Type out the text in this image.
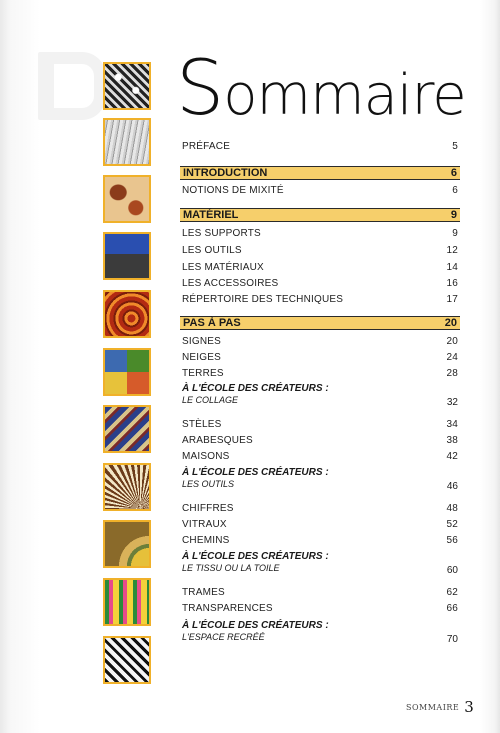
Sommaire
PRÉFACE	5
INTRODUCTION	6
NOTIONS DE MIXITÉ	6
MATÉRIEL	9
LES SUPPORTS	9
LES OUTILS	12
LES MATÉRIAUX	14
LES ACCESSOIRES	16
RÉPERTOIRE DES TECHNIQUES	17
PAS À PAS	20
SIGNES	20
NEIGES	24
TERRES	28
À L'ÉCOLE DES CRÉATEURS :
LE COLLAGE	32
STÈLES	34
ARABESQUES	38
MAISONS	42
À L'ÉCOLE DES CRÉATEURS :
LES OUTILS	46
CHIFFRES	48
VITRAUX	52
CHEMINS	56
À L'ÉCOLE DES CRÉATEURS :
LE TISSU OU LA TOILE	60
TRAMES	62
TRANSPARENCES	66
À L'ÉCOLE DES CRÉATEURS :
L'ESPACE RECRÉÉ	70
SOMMAIRE 3
